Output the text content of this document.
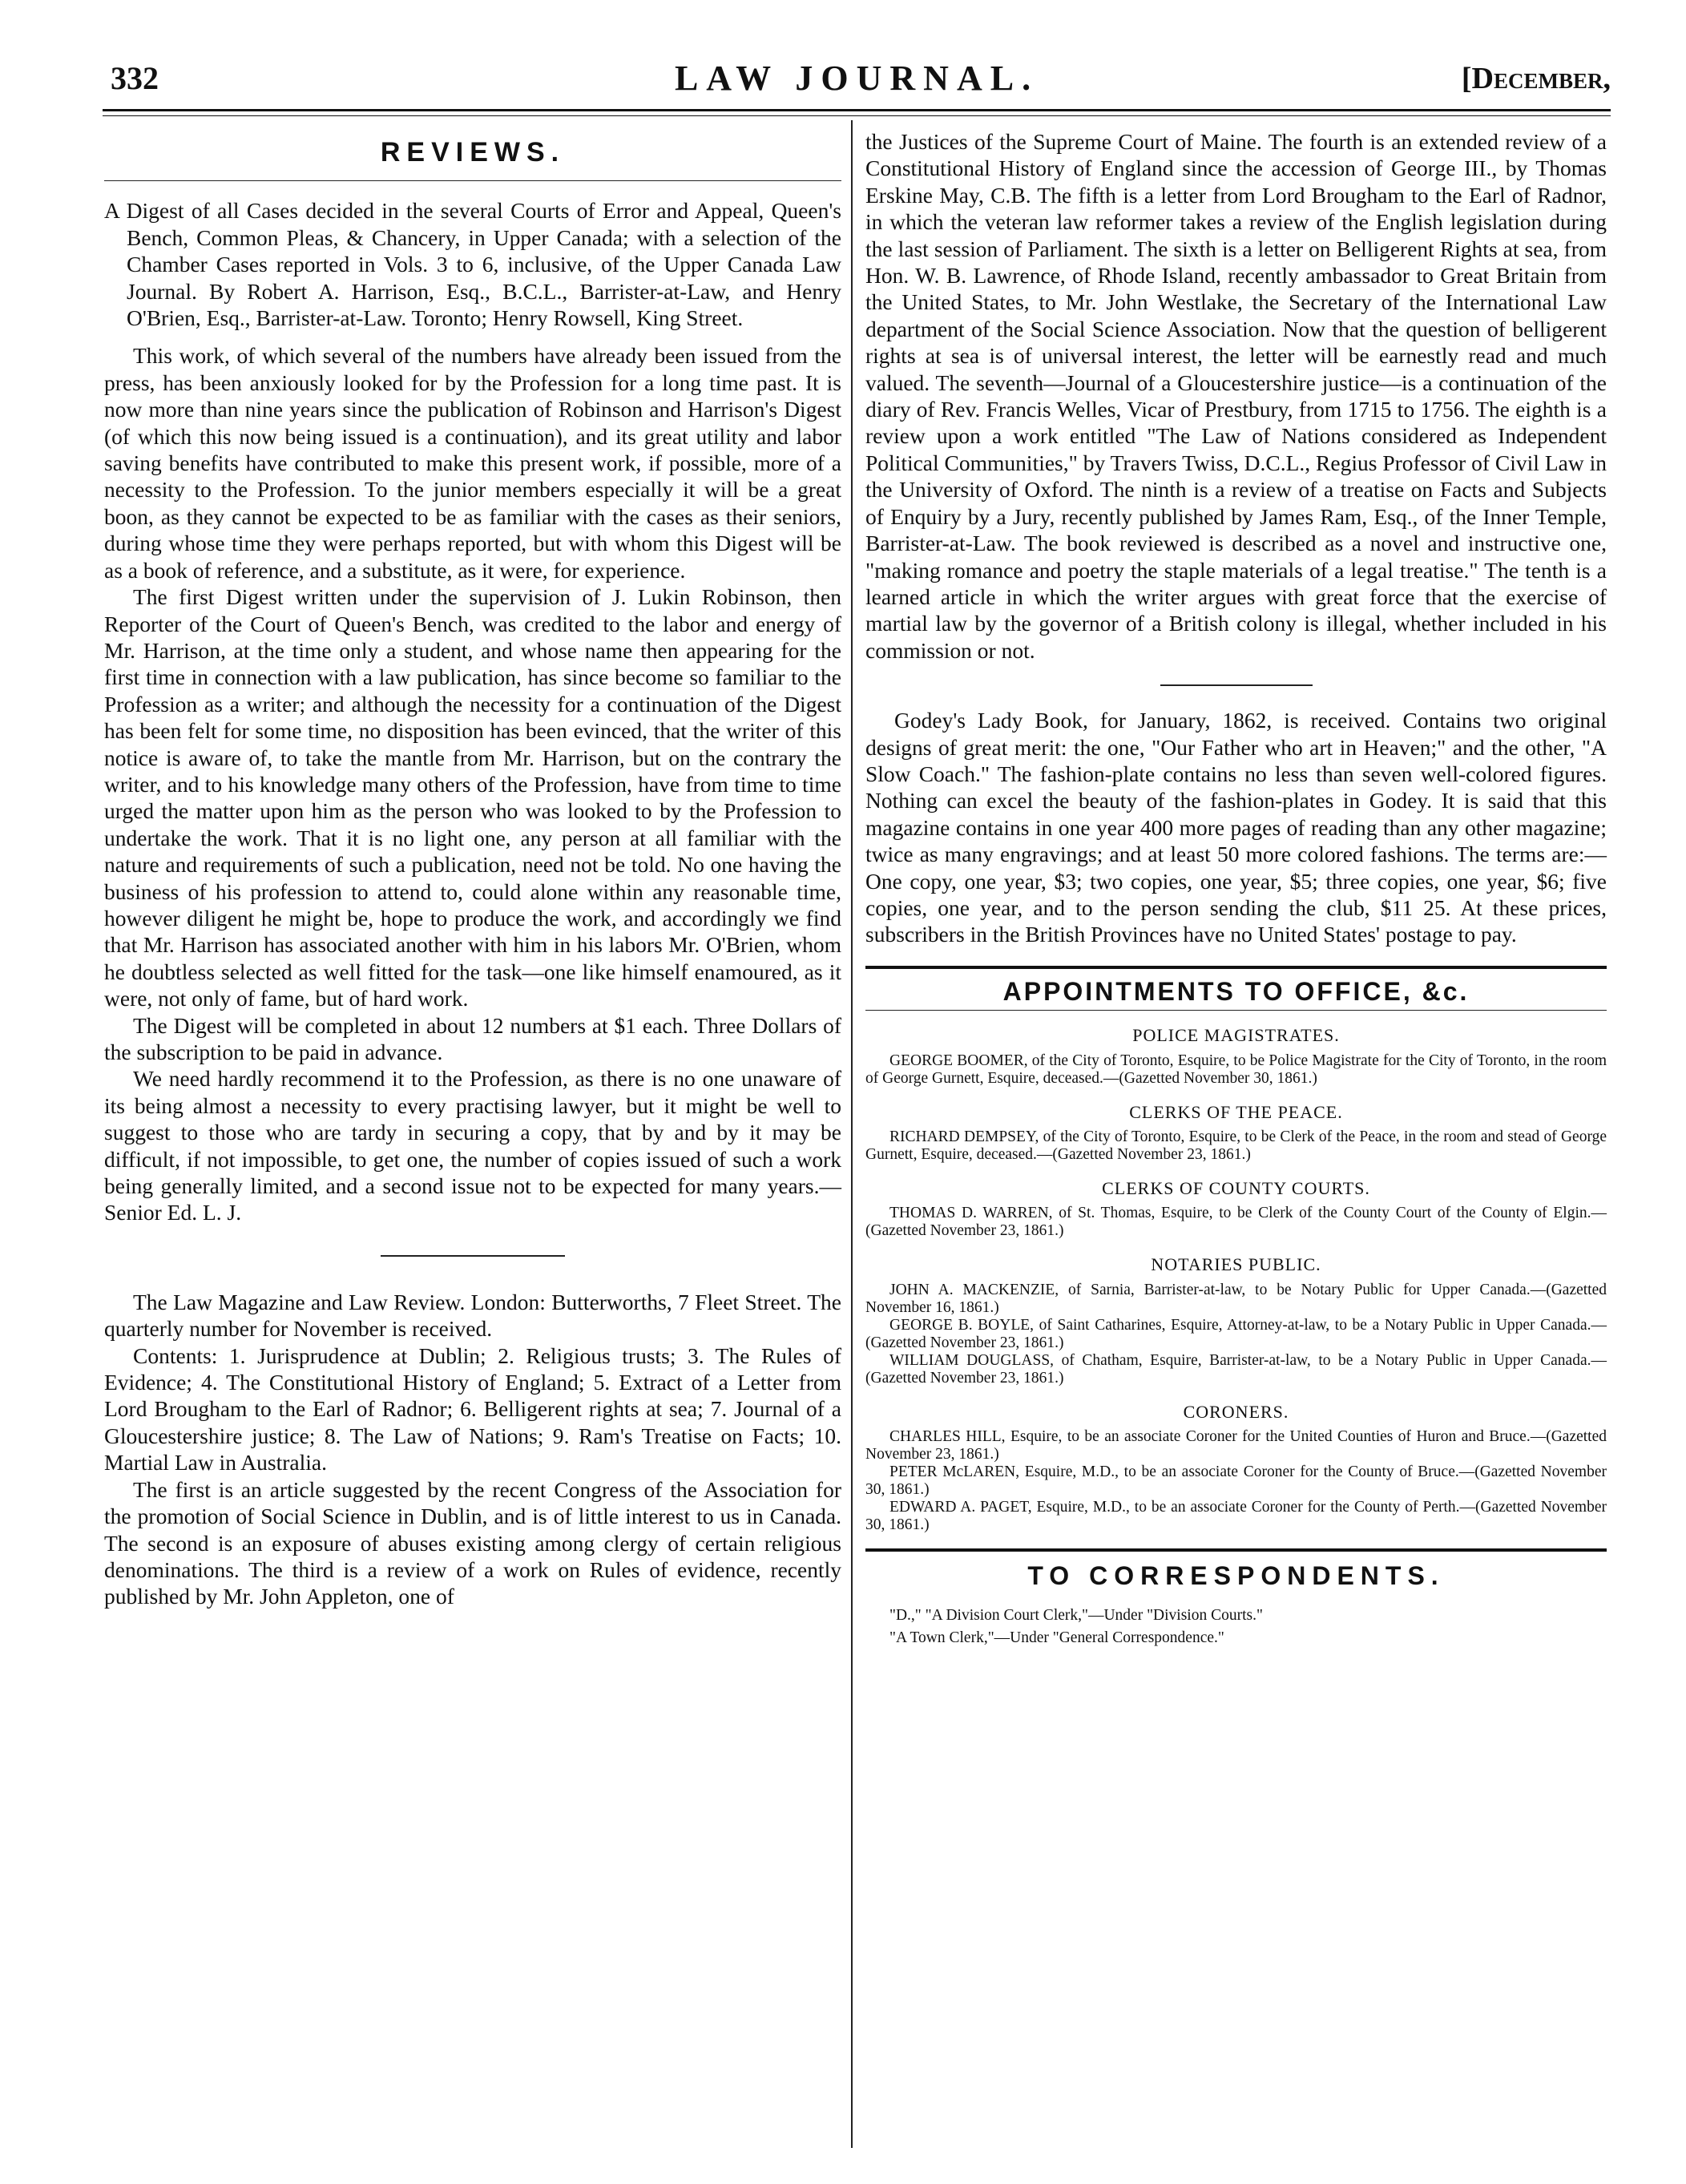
332	LAW JOURNAL.	[December,
REVIEWS.

A Digest of all Cases decided in the several Courts of Error and Appeal, Queen's Bench, Common Pleas, & Chancery, in Upper Canada; with a selection of the Chamber Cases reported in Vols. 3 to 6, inclusive, of the Upper Canada Law Journal. By Robert A. Harrison, Esq., B.C.L., Barrister-at-Law, and Henry O'Brien, Esq., Barrister-at-Law. Toronto; Henry Rowsell, King Street.

This work, of which several of the numbers have already been issued from the press, has been anxiously looked for by the Profession for a long time past. It is now more than nine years since the publication of Robinson and Harrison's Digest (of which this now being issued is a continuation), and its great utility and labor saving benefits have contributed to make this present work, if possible, more of a necessity to the Profession. To the junior members especially it will be a great boon, as they cannot be expected to be as familiar with the cases as their seniors, during whose time they were perhaps reported, but with whom this Digest will be as a book of reference, and a substitute, as it were, for experience.

The first Digest written under the supervision of J. Lukin Robinson, then Reporter of the Court of Queen's Bench, was credited to the labor and energy of Mr. Harrison, at the time only a student, and whose name then appearing for the first time in connection with a law publication, has since become so familiar to the Profession as a writer; and although the necessity for a continuation of the Digest has been felt for some time, no disposition has been evinced, that the writer of this notice is aware of, to take the mantle from Mr. Harrison, but on the contrary the writer, and to his knowledge many others of the Profession, have from time to time urged the matter upon him as the person who was looked to by the Profession to undertake the work. That it is no light one, any person at all familiar with the nature and requirements of such a publication, need not be told. No one having the business of his profession to attend to, could alone within any reasonable time, however diligent he might be, hope to produce the work, and accordingly we find that Mr. Harrison has associated another with him in his labors Mr. O'Brien, whom he doubtless selected as well fitted for the task—one like himself enamoured, as it were, not only of fame, but of hard work.

The Digest will be completed in about 12 numbers at $1 each. Three Dollars of the subscription to be paid in advance.

We need hardly recommend it to the Profession, as there is no one unaware of its being almost a necessity to every practising lawyer, but it might be well to suggest to those who are tardy in securing a copy, that by and by it may be difficult, if not impossible, to get one, the number of copies issued of such a work being generally limited, and a second issue not to be expected for many years.—Senior Ed. L. J.

The Law Magazine and Law Review. London: Butterworths, 7 Fleet Street. The quarterly number for November is received.

Contents: 1. Jurisprudence at Dublin; 2. Religious trusts; 3. The Rules of Evidence; 4. The Constitutional History of England; 5. Extract of a Letter from Lord Brougham to the Earl of Radnor; 6. Belligerent rights at sea; 7. Journal of a Gloucestershire justice; 8. The Law of Nations; 9. Ram's Treatise on Facts; 10. Martial Law in Australia.

The first is an article suggested by the recent Congress of the Association for the promotion of Social Science in Dublin, and is of little interest to us in Canada. The second is an exposure of abuses existing among clergy of certain religious denominations. The third is a review of a work on Rules of evidence, recently published by Mr. John Appleton, one of

the Justices of the Supreme Court of Maine. The fourth is an extended review of a Constitutional History of England since the accession of George III., by Thomas Erskine May, C.B. The fifth is a letter from Lord Brougham to the Earl of Radnor, in which the veteran law reformer takes a review of the English legislation during the last session of Parliament. The sixth is a letter on Belligerent Rights at sea, from Hon. W. B. Lawrence, of Rhode Island, recently ambassador to Great Britain from the United States, to Mr. John Westlake, the Secretary of the International Law department of the Social Science Association. Now that the question of belligerent rights at sea is of universal interest, the letter will be earnestly read and much valued. The seventh—Journal of a Gloucestershire justice—is a continuation of the diary of Rev. Francis Welles, Vicar of Prestbury, from 1715 to 1756. The eighth is a review upon a work entitled "The Law of Nations considered as Independent Political Communities," by Travers Twiss, D.C.L., Regius Professor of Civil Law in the University of Oxford. The ninth is a review of a treatise on Facts and Subjects of Enquiry by a Jury, recently published by James Ram, Esq., of the Inner Temple, Barrister-at-Law. The book reviewed is described as a novel and instructive one, "making romance and poetry the staple materials of a legal treatise." The tenth is a learned article in which the writer argues with great force that the exercise of martial law by the governor of a British colony is illegal, whether included in his commission or not.

Godey's Lady Book, for January, 1862, is received. Contains two original designs of great merit: the one, "Our Father who art in Heaven;" and the other, "A Slow Coach." The fashion-plate contains no less than seven well-colored figures. Nothing can excel the beauty of the fashion-plates in Godey. It is said that this magazine contains in one year 400 more pages of reading than any other magazine; twice as many engravings; and at least 50 more colored fashions. The terms are:—One copy, one year, $3; two copies, one year, $5; three copies, one year, $6; five copies, one year, and to the person sending the club, $11 25. At these prices, subscribers in the British Provinces have no United States' postage to pay.

APPOINTMENTS TO OFFICE, &c.
POLICE MAGISTRATES.

GEORGE BOOMER, of the City of Toronto, Esquire, to be Police Magistrate for the City of Toronto, in the room of George Gurnett, Esquire, deceased.—(Gazetted November 30, 1861.)

CLERKS OF THE PEACE.

RICHARD DEMPSEY, of the City of Toronto, Esquire, to be Clerk of the Peace, in the room and stead of George Gurnett, Esquire, deceased.—(Gazetted November 23, 1861.)

CLERKS OF COUNTY COURTS.

THOMAS D. WARREN, of St. Thomas, Esquire, to be Clerk of the County Court of the County of Elgin.—(Gazetted November 23, 1861.)

NOTARIES PUBLIC.

JOHN A. MACKENZIE, of Sarnia, Barrister-at-law, to be Notary Public for Upper Canada.—(Gazetted November 16, 1861.)

GEORGE B. BOYLE, of Saint Catharines, Esquire, Attorney-at-law, to be a Notary Public in Upper Canada.—(Gazetted November 23, 1861.)

WILLIAM DOUGLASS, of Chatham, Esquire, Barrister-at-law, to be a Notary Public in Upper Canada.—(Gazetted November 23, 1861.)

CORONERS.

CHARLES HILL, Esquire, to be an associate Coroner for the United Counties of Huron and Bruce.—(Gazetted November 23, 1861.)

PETER McLAREN, Esquire, M.D., to be an associate Coroner for the County of Bruce.—(Gazetted November 30, 1861.)

EDWARD A. PAGET, Esquire, M.D., to be an associate Coroner for the County of Perth.—(Gazetted November 30, 1861.)

TO CORRESPONDENTS.

"D.," "A Division Court Clerk,"—Under "Division Courts."

"A Town Clerk,"—Under "General Correspondence."
